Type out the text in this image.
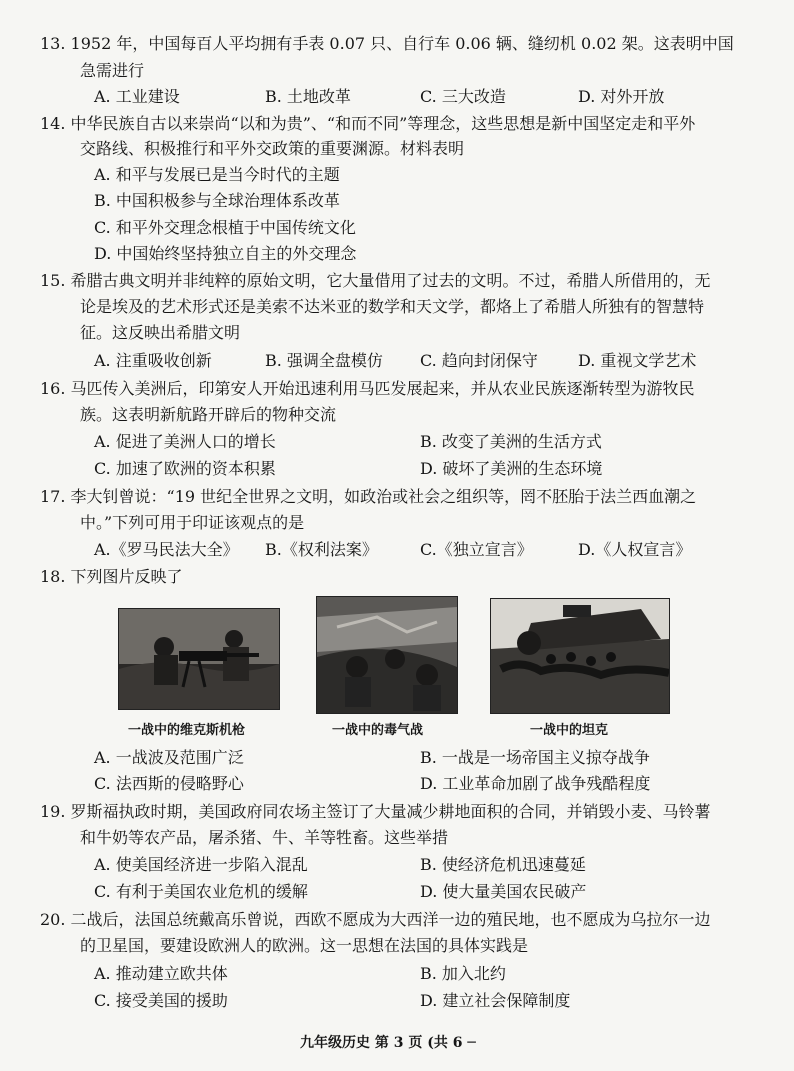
13. 1952 年，中国每百人平均拥有手表 0.07 只、自行车 0.06 辆、缝纫机 0.02 架。这表明中国
急需进行
A. 工业建设	B. 土地改革	C. 三大改造	D. 对外开放
14. 中华民族自古以来崇尚“以和为贵”、“和而不同”等理念，这些思想是新中国坚定走和平外
交路线、积极推行和平外交政策的重要渊源。材料表明
A. 和平与发展已是当今时代的主题
B. 中国积极参与全球治理体系改革
C. 和平外交理念根植于中国传统文化
D. 中国始终坚持独立自主的外交理念
15. 希腊古典文明并非纯粹的原始文明，它大量借用了过去的文明。不过，希腊人所借用的，无
论是埃及的艺术形式还是美索不达米亚的数学和天文学，都烙上了希腊人所独有的智慧特
征。这反映出希腊文明
A. 注重吸收创新	B. 强调全盘模仿 C. 趋向封闭保守	D. 重视文学艺术
16. 马匹传入美洲后，印第安人开始迅速利用马匹发展起来，并从农业民族逐渐转型为游牧民
族。这表明新航路开辟后的物种交流
A. 促进了美洲人口的增长	B. 改变了美洲的生活方式
C. 加速了欧洲的资本积累	D. 破坏了美洲的生态环境
17. 李大钊曾说：“19 世纪全世界之文明，如政治或社会之组织等，罔不胚胎于法兰西血潮之
中。”下列可用于印证该观点的是
A.《罗马民法大全》 B.《权利法案》	C.《独立宣言》	D.《人权宣言》
18. 下列图片反映了
一战中的维克斯机枪	一战中的毒气战	一战中的坦克
A. 一战波及范围广泛	B. 一战是一场帝国主义掠夺战争
C. 法西斯的侵略野心	D. 工业革命加剧了战争残酷程度
19. 罗斯福执政时期，美国政府同农场主签订了大量减少耕地面积的合同，并销毁小麦、马铃薯
和牛奶等农产品，屠杀猪、牛、羊等牲畜。这些举措
A. 使美国经济进一步陷入混乱	B. 使经济危机迅速蔓延
C. 有利于美国农业危机的缓解	D. 使大量美国农民破产
20. 二战后，法国总统戴高乐曾说，西欧不愿成为大西洋一边的殖民地，也不愿成为乌拉尔一边
的卫星国，要建设欧洲人的欧洲。这一思想在法国的具体实践是
A. 推动建立欧共体	B. 加入北约
C. 接受美国的援助	D. 建立社会保障制度
九年级历史 第 3 页 (共 6 ─
